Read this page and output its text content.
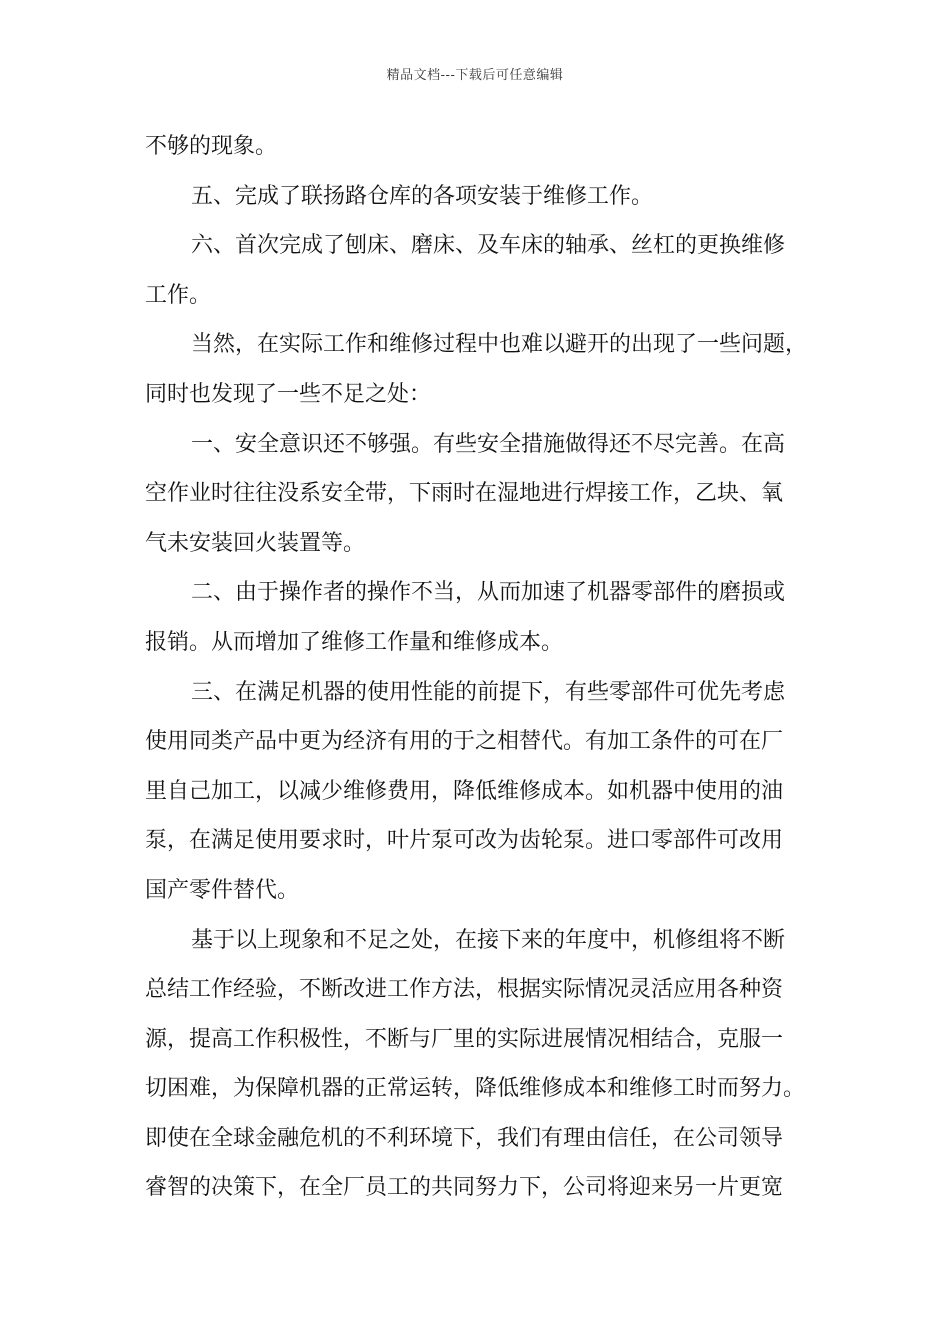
精品文档---下载后可任意编辑
不够的现象。
五、完成了联扬路仓库的各项安装于维修工作。
六、首次完成了刨床、磨床、及车床的轴承、丝杠的更换维修
工作。
当然，在实际工作和维修过程中也难以避开的出现了一些问题，
同时也发现了一些不足之处：
一、安全意识还不够强。有些安全措施做得还不尽完善。在高
空作业时往往没系安全带，下雨时在湿地进行焊接工作，乙块、氧
气未安装回火装置等。
二、由于操作者的操作不当，从而加速了机器零部件的磨损或
报销。从而增加了维修工作量和维修成本。
三、在满足机器的使用性能的前提下，有些零部件可优先考虑
使用同类产品中更为经济有用的于之相替代。有加工条件的可在厂
里自己加工，以减少维修费用，降低维修成本。如机器中使用的油
泵，在满足使用要求时，叶片泵可改为齿轮泵。进口零部件可改用
国产零件替代。
基于以上现象和不足之处，在接下来的年度中，机修组将不断
总结工作经验，不断改进工作方法，根据实际情况灵活应用各种资
源，提高工作积极性，不断与厂里的实际进展情况相结合，克服一
切困难，为保障机器的正常运转，降低维修成本和维修工时而努力。
即使在全球金融危机的不利环境下，我们有理由信任，在公司领导
睿智的决策下，在全厂员工的共同努力下，公司将迎来另一片更宽
